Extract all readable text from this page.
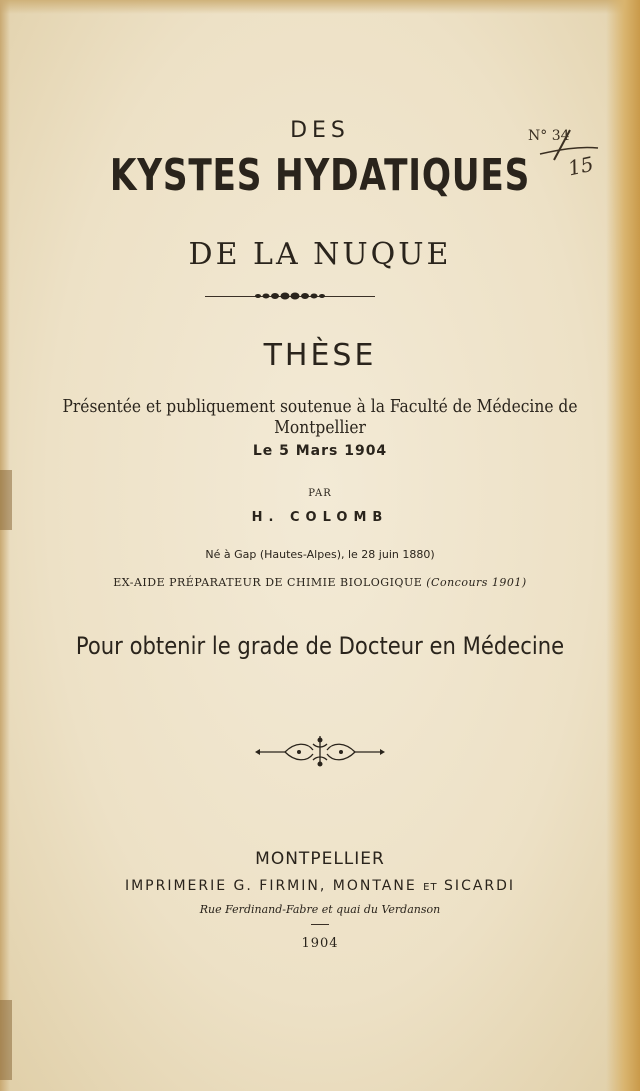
DES
KYSTES HYDATIQUES
DE LA NUQUE
THÈSE
Présentée et publiquement soutenue à la Faculté de Médecine de Montpellier
Le 5 Mars 1904
PAR
H. COLOMB
Né à Gap (Hautes-Alpes), le 28 juin 1880)
EX-AIDE PRÉPARATEUR DE CHIMIE BIOLOGIQUE (Concours 1901)
Pour obtenir le grade de Docteur en Médecine
MONTPELLIER
IMPRIMERIE G. FIRMIN, MONTANE ET SICARDI
Rue Ferdinand-Fabre et quai du Verdanson
1904
N° 34
15
